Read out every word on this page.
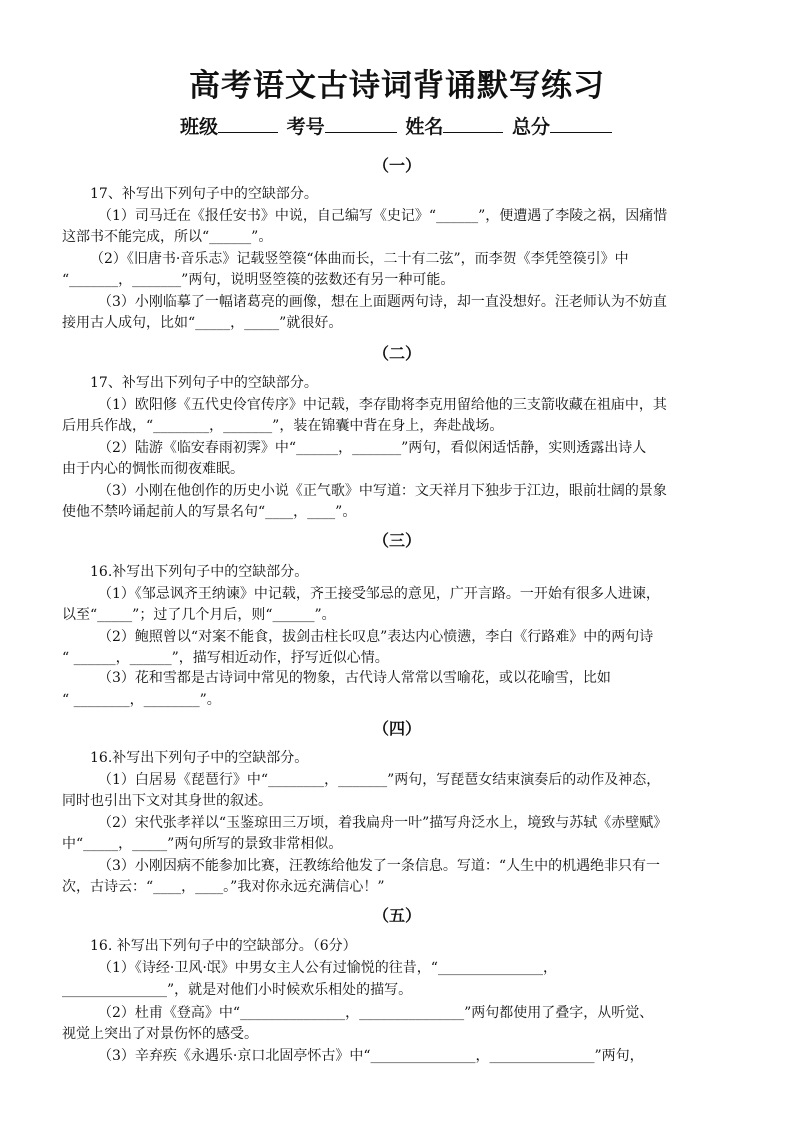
高考语文古诗词背诵默写练习
班级	考号	姓名	总分
（一）
17、补写出下列句子中的空缺部分。
（1）司马迁在《报任安书》中说，自己编写《史记》“______”，便遭遇了李陵之祸，因痛惜
这部书不能完成，所以“______”。
（2）《旧唐书·音乐志》记载竖箜篌“体曲而长，二十有二弦”，而李贺《李凭箜篌引》中
“_______，_______”两句，说明竖箜篌的弦数还有另一种可能。
（3）小刚临摹了一幅诸葛亮的画像，想在上面题两句诗，却一直没想好。汪老师认为不妨直
接用古人成句，比如“_____，_____”就很好。
（二）
17、补写出下列句子中的空缺部分。
（1）欧阳修《五代史伶官传序》中记载，李存勖将李克用留给他的三支箭收藏在祖庙中，其
后用兵作战，“________，_______”，装在锦囊中背在身上，奔赴战场。
（2）陆游《临安春雨初霁》中“______，_______”两句，看似闲适恬静，实则透露出诗人
由于内心的惆怅而彻夜难眠。
（3）小刚在他创作的历史小说《正气歌》中写道：文天祥月下独步于江边，眼前壮阔的景象
使他不禁吟诵起前人的写景名句“____，____”。
（三）
16.补写出下列句子中的空缺部分。
（1）《邹忌讽齐王纳谏》中记载，齐王接受邹忌的意见，广开言路。一开始有很多人进谏，
以至“_____”；过了几个月后，则“______”。
（2）鲍照曾以“对案不能食，拔剑击柱长叹息”表达内心愤懑，李白《行路难》中的两句诗
“ ______，______”，描写相近动作，抒写近似心情。
（3）花和雪都是古诗词中常见的物象，古代诗人常常以雪喻花，或以花喻雪，比如
“ ________，________”。
（四）
16.补写出下列句子中的空缺部分。
（1）白居易《琵琶行》中“________，_______”两句，写琵琶女结束演奏后的动作及神态，
同时也引出下文对其身世的叙述。
（2）宋代张孝祥以“玉鉴琼田三万顷，着我扁舟一叶”描写舟泛水上，境致与苏轼《赤壁赋》
中“_____，_____”两句所写的景致非常相似。
（3）小刚因病不能参加比赛，汪教练给他发了一条信息。写道：“人生中的机遇绝非只有一
次，古诗云：“____，____。”我对你永远充满信心！”
（五）
16. 补写出下列句子中的空缺部分。（6分）
（1）《诗经·卫风·氓》中男女主人公有过愉悦的往昔，“_______________，
_______________”，就是对他们小时候欢乐相处的描写。
（2）杜甫《登高》中“_______________，_______________”两句都使用了叠字，从听觉、
视觉上突出了对景伤怀的感受。
（3）辛弃疾《永遇乐·京口北固亭怀古》中“_______________，_______________”两句，
